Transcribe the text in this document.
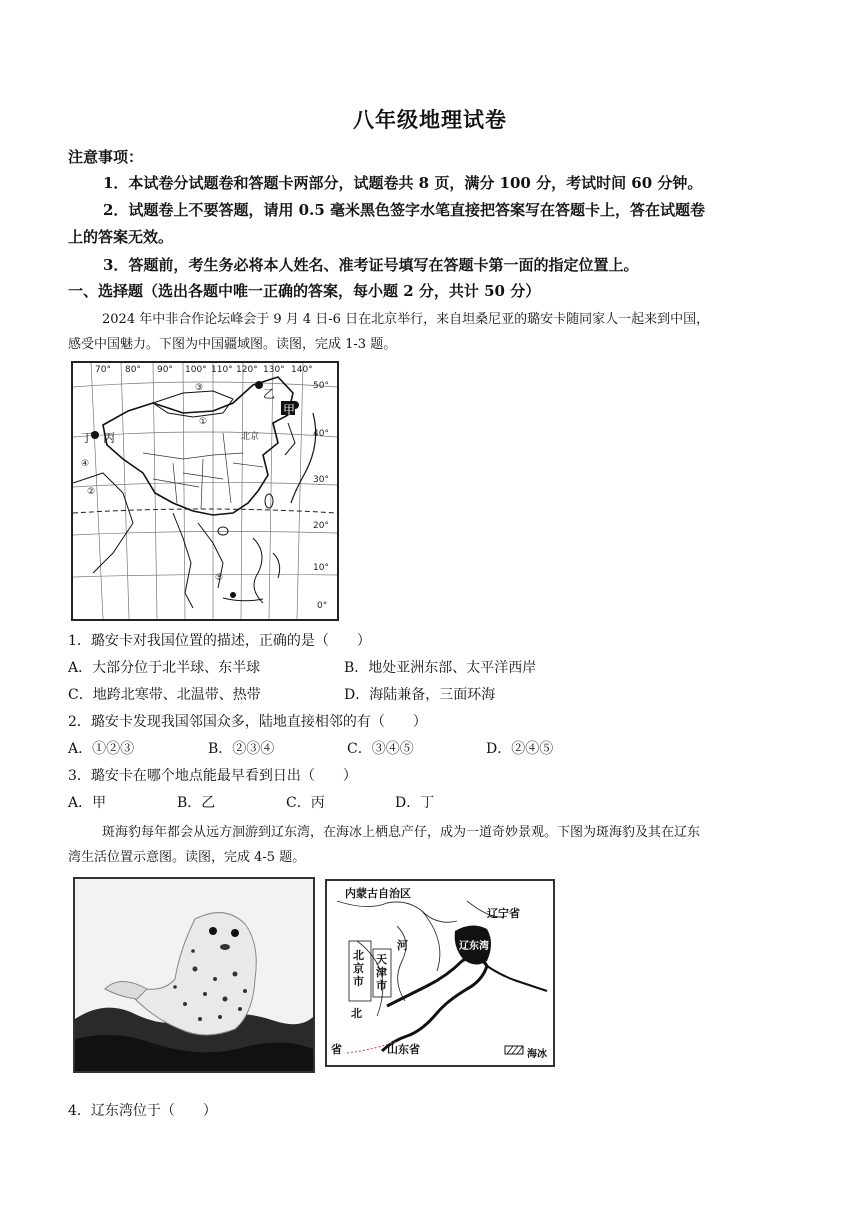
八年级地理试卷
注意事项：
1．本试卷分试题卷和答题卡两部分，试题卷共 8 页，满分 100 分，考试时间 60 分钟。
2．试题卷上不要答题，请用 0.5 毫米黑色签字水笔直接把答案写在答题卡上，答在试题卷
上的答案无效。
3．答题前，考生务必将本人姓名、准考证号填写在答题卡第一面的指定位置上。
一、选择题（选出各题中唯一正确的答案，每小题 2 分，共计 50 分）
2024 年中非合作论坛峰会于 9 月 4 日-6 日在北京举行，来自坦桑尼亚的璐安卡随同家人一起来到中国，
感受中国魅力。下图为中国疆域图。读图，完成 1-3 题。
70° 80° 90° 100° 110° 120° 130° 140°
50°
40°
30°
20°
10°
0°
乙
甲
丙
丁
①
②
③
④
⑤
北京
1．璐安卡对我国位置的描述，正确的是（　　）
A．大部分位于北半球、东半球	B．地处亚洲东部、太平洋西岸
C．地跨北寒带、北温带、热带	D．海陆兼备，三面环海
2．璐安卡发现我国邻国众多，陆地直接相邻的有（　　）
A．①②③	B．②③④	C．③④⑤	D．②④⑤
3．璐安卡在哪个地点能最早看到日出（　　）
A．甲	B．乙	C．丙	D．丁
斑海豹每年都会从远方洄游到辽东湾，在海冰上栖息产仔，成为一道奇妙景观。下图为斑海豹及其在辽东
湾生活位置示意图。读图，完成 4-5 题。
内蒙古自治区
辽宁省
河
北京市
天津市
北
辽东湾
省	山东省	海冰
4．辽东湾位于（　　）
